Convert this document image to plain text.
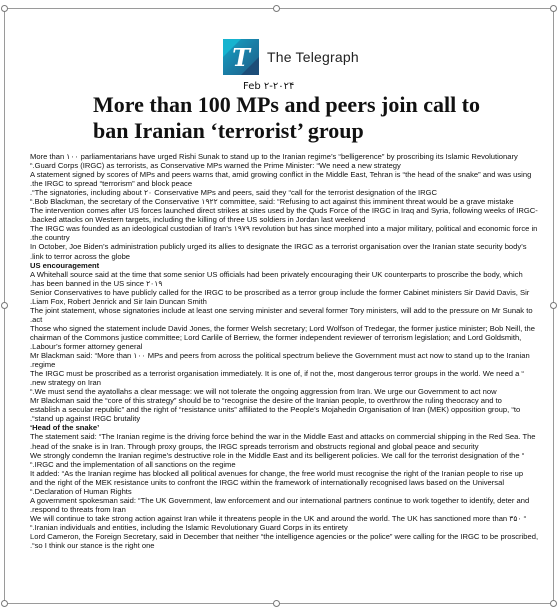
T	The Telegraph
Feb ۲-۲۰۲۴
More than 100 MPs and peers join call to
ban Iranian ‘terrorist’ group
More than ۱۰۰ parliamentarians have urged Rishi Sunak to stand up to the Iranian regime’s “belligerence” by proscribing its Islamic Revolutionary
“.Guard Corps (IRGC) as terrorists, as Conservative MPs warned the Prime Minister: “We need a new strategy
A statement signed by scores of MPs and peers warns that, amid growing conflict in the Middle East, Tehran is “the head of the snake” and was using
.the IRGC to spread “terrorism” and block peace
.“The signatories, including about ۲۰ Conservative MPs and peers, said they “call for the terrorist designation of the IRGC
“.Bob Blackman, the secretary of the Conservative ۱۹۲۲ committee, said: “Refusing to act against this imminent threat would be a grave mistake
The intervention comes after US forces launched direct strikes at sites used by the Quds Force of the IRGC in Iraq and Syria, following weeks of IRGC-
.backed attacks on Western targets, including the killing of three US soldiers in Jordan last weekend
The IRGC was founded as an ideological custodian of Iran’s ۱۹۷۹ revolution but has since morphed into a major military, political and economic force in
.the country
In October, Joe Biden’s administration publicly urged its allies to designate the IRGC as a terrorist organisation over the Iranian state security body’s
.link to terror across the globe
US encouragement
A Whitehall source said at the time that some senior US officials had been privately encouraging their UK counterparts to proscribe the body, which
.has been banned in the US since ۲۰۱۹
Senior Conservatives to have publicly called for the IRGC to be proscribed as a terror group include the former Cabinet ministers Sir David Davis, Sir
.Liam Fox, Robert Jenrick and Sir Iain Duncan Smith
The joint statement, whose signatories include at least one serving minister and several former Tory ministers, will add to the pressure on Mr Sunak to
.act
Those who signed the statement include David Jones, the former Welsh secretary; Lord Wolfson of Tredegar, the former justice minister; Bob Neill, the
chairman of the Commons justice committee; Lord Carlile of Berriew, the former independent reviewer of terrorism legislation; and Lord Goldsmith,
.Labour’s former attorney general
Mr Blackman said: “More than ۱۰۰ MPs and peers from across the political spectrum believe the Government must act now to stand up to the Iranian
.regime
The IRGC must be proscribed as a terrorist organisation immediately. It is one of, if not the, most dangerous terror groups in the world. We need a “
.new strategy on Iran
“.We must send the ayatollahs a clear message: we will not tolerate the ongoing aggression from Iran. We urge our Government to act now
Mr Blackman said the “core of this strategy” should be to “recognise the desire of the Iranian people, to overthrow the ruling theocracy and to
establish a secular republic” and the right of “resistance units” affiliated to the People’s Mojahedin Organisation of Iran (MEK) opposition group, “to
.“stand up against IRGC brutality
‘Head of the snake’
The statement said: “The Iranian regime is the driving force behind the war in the Middle East and attacks on commercial shipping in the Red Sea. The
.head of the snake is in Iran. Through proxy groups, the IRGC spreads terrorism and obstructs regional and global peace and security
We strongly condemn the Iranian regime’s destructive role in the Middle East and its belligerent policies. We call for the terrorist designation of the “
“.IRGC and the implementation of all sanctions on the regime
It added: “As the Iranian regime has blocked all political avenues for change, the free world must recognise the right of the Iranian people to rise up
and the right of the MEK resistance units to confront the IRGC within the framework of internationally recognised laws based on the Universal
“.Declaration of Human Rights
A government spokesman said: “The UK Government, law enforcement and our international partners continue to work together to identify, deter and
.respond to threats from Iran
We will continue to take strong action against Iran while it threatens people in the UK and around the world. The UK has sanctioned more than ۳۵۰ “
“.Iranian individuals and entities, including the Islamic Revolutionary Guard Corps in its entirety
Lord Cameron, the Foreign Secretary, said in December that neither “the intelligence agencies or the police” were calling for the IRGC to be proscribed,
.“so I think our stance is the right one
